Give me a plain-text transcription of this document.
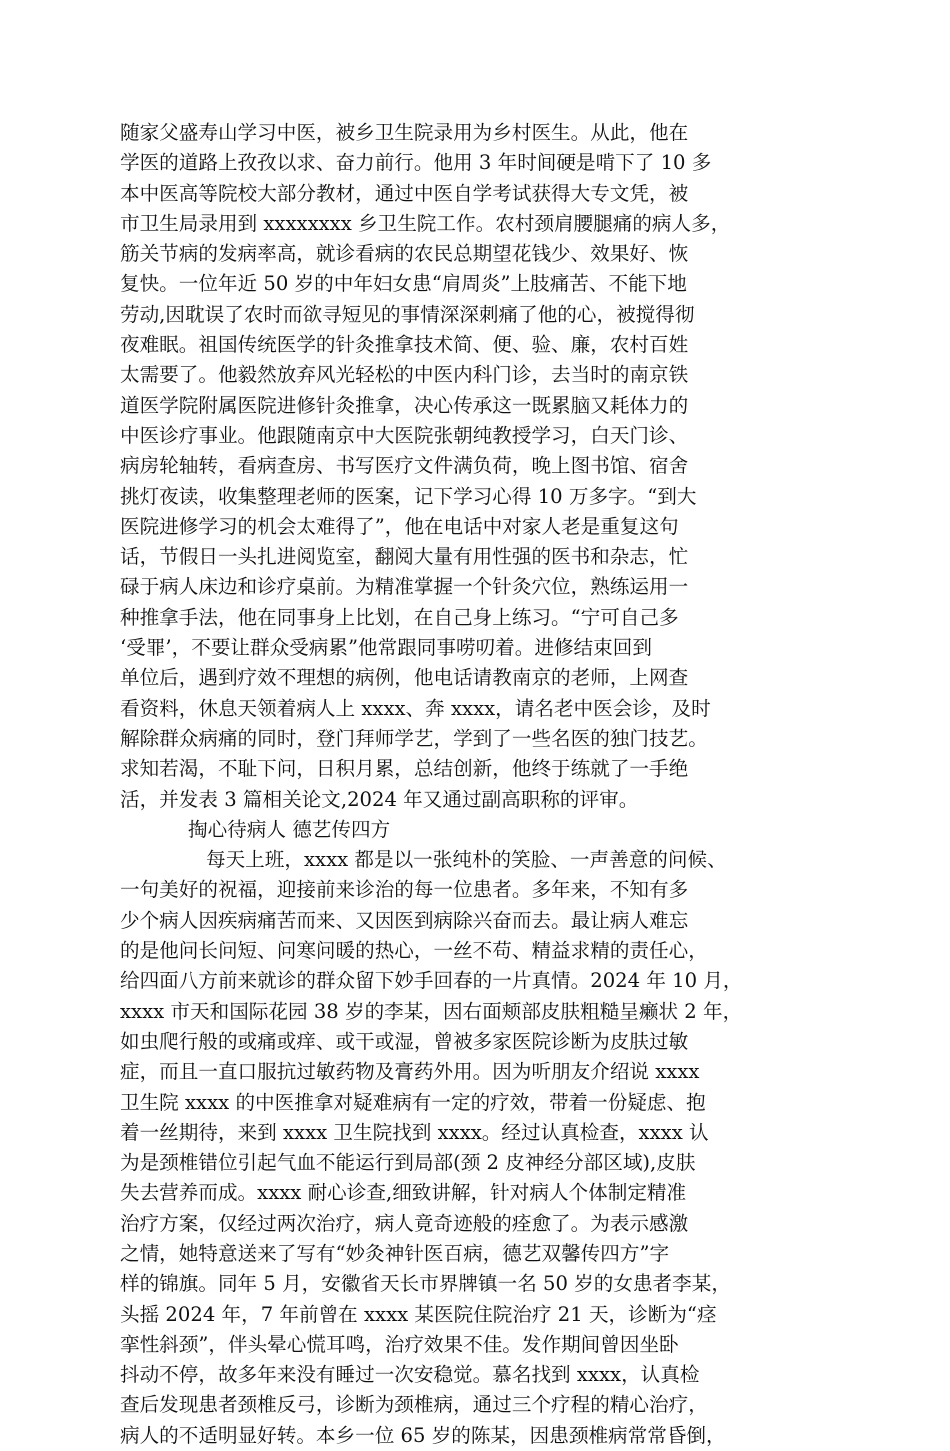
随家父盛寿山学习中医，被乡卫生院录用为乡村医生。从此，他在
学医的道路上孜孜以求、奋力前行。他用 3 年时间硬是啃下了 10 多
本中医高等院校大部分教材，通过中医自学考试获得大专文凭，被
市卫生局录用到 xxxxxxxx 乡卫生院工作。农村颈肩腰腿痛的病人多，
筋关节病的发病率高，就诊看病的农民总期望花钱少、效果好、恢
复快。一位年近 50 岁的中年妇女患“肩周炎”上肢痛苦、不能下地
劳动,因耽误了农时而欲寻短见的事情深深刺痛了他的心，被搅得彻
夜难眠。祖国传统医学的针灸推拿技术简、便、验、廉，农村百姓
太需要了。他毅然放弃风光轻松的中医内科门诊，去当时的南京铁
道医学院附属医院进修针灸推拿，决心传承这一既累脑又耗体力的
中医诊疗事业。他跟随南京中大医院张朝纯教授学习，白天门诊、
病房轮轴转，看病查房、书写医疗文件满负荷，晚上图书馆、宿舍
挑灯夜读，收集整理老师的医案，记下学习心得 10 万多字。“到大
医院进修学习的机会太难得了”，他在电话中对家人老是重复这句
话，节假日一头扎进阅览室，翻阅大量有用性强的医书和杂志，忙
碌于病人床边和诊疗桌前。为精准掌握一个针灸穴位，熟练运用一
种推拿手法，他在同事身上比划，在自己身上练习。“宁可自己多
‘受罪’，不要让群众受病累”他常跟同事唠叨着。进修结束回到
单位后，遇到疗效不理想的病例，他电话请教南京的老师，上网查
看资料，休息天领着病人上 xxxx、奔 xxxx，请名老中医会诊，及时
解除群众病痛的同时，登门拜师学艺，学到了一些名医的独门技艺。
求知若渴，不耻下问，日积月累，总结创新，他终于练就了一手绝
活，并发表 3 篇相关论文,2024 年又通过副高职称的评审。
掏心待病人 德艺传四方
每天上班，xxxx 都是以一张纯朴的笑脸、一声善意的问候、
一句美好的祝福，迎接前来诊治的每一位患者。多年来，不知有多
少个病人因疾病痛苦而来、又因医到病除兴奋而去。最让病人难忘
的是他问长问短、问寒问暖的热心，一丝不苟、精益求精的责任心，
给四面八方前来就诊的群众留下妙手回春的一片真情。2024 年 10 月，
xxxx 市天和国际花园 38 岁的李某，因右面颊部皮肤粗糙呈癞状 2 年，
如虫爬行般的或痛或痒、或干或湿，曾被多家医院诊断为皮肤过敏
症，而且一直口服抗过敏药物及膏药外用。因为听朋友介绍说 xxxx
卫生院 xxxx 的中医推拿对疑难病有一定的疗效，带着一份疑虑、抱
着一丝期待，来到 xxxx 卫生院找到 xxxx。经过认真检查，xxxx 认
为是颈椎错位引起气血不能运行到局部(颈 2 皮神经分部区域),皮肤
失去营养而成。xxxx 耐心诊查,细致讲解，针对病人个体制定精准
治疗方案，仅经过两次治疗，病人竟奇迹般的痊愈了。为表示感激
之情，她特意送来了写有“妙灸神针医百病，德艺双馨传四方”字
样的锦旗。同年 5 月，安徽省天长市界牌镇一名 50 岁的女患者李某，
头摇 2024 年，7 年前曾在 xxxx 某医院住院治疗 21 天，诊断为“痉
挛性斜颈”，伴头晕心慌耳鸣，治疗效果不佳。发作期间曾因坐卧
抖动不停，故多年来没有睡过一次安稳觉。慕名找到 xxxx，认真检
查后发现患者颈椎反弓，诊断为颈椎病，通过三个疗程的精心治疗，
病人的不适明显好转。本乡一位 65 岁的陈某，因患颈椎病常常昏倒，
